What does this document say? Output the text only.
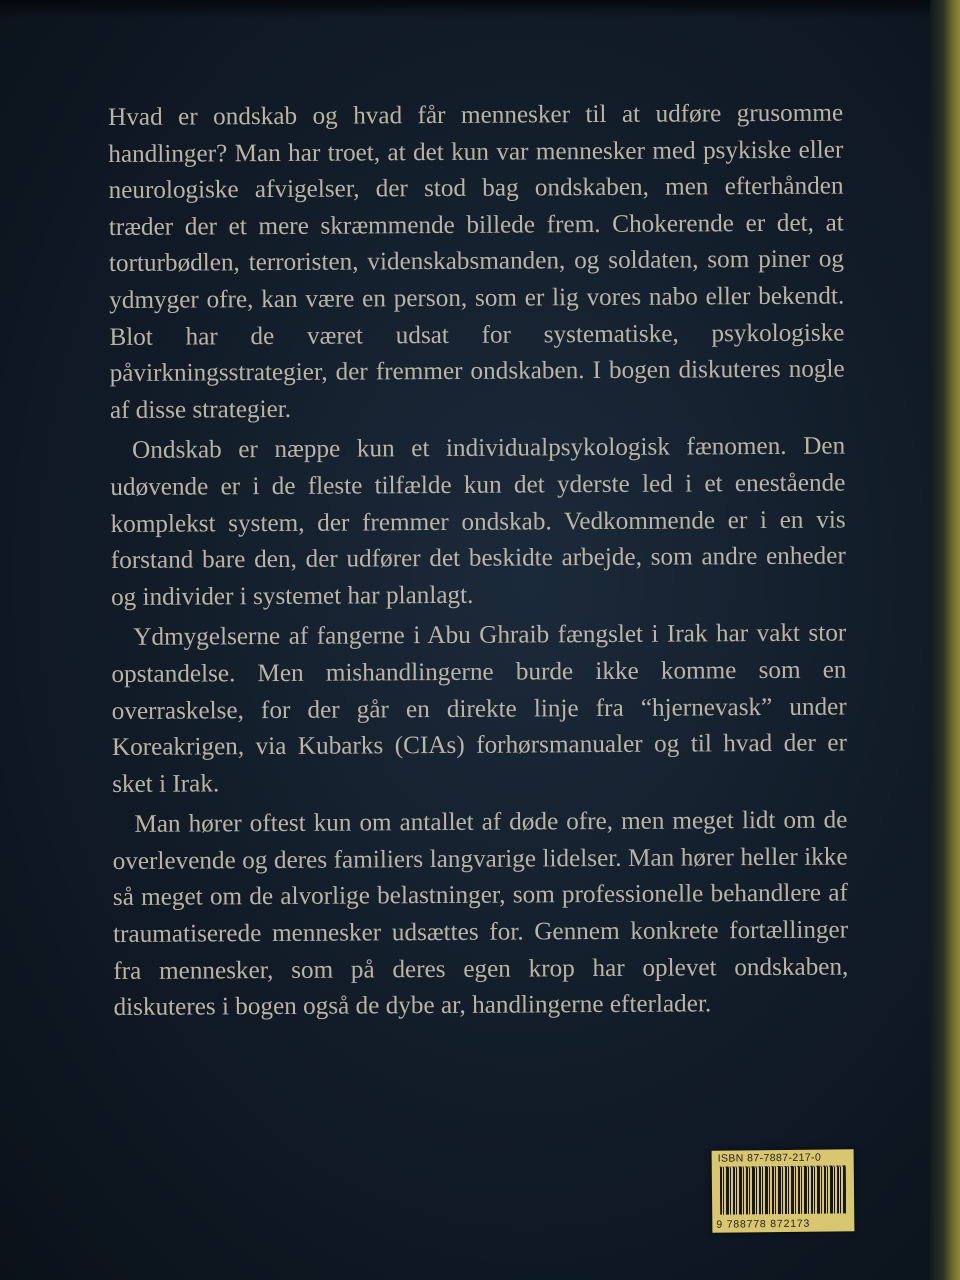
Hvad er ondskab og hvad får mennesker til at udføre grusomme handlinger? Man har troet, at det kun var mennesker med psykiske eller neurologiske afvigelser, der stod bag ondskaben, men efterhånden træder der et mere skræmmende billede frem. Chokerende er det, at torturbødlen, terroristen, videnskabsmanden, og soldaten, som piner og ydmyger ofre, kan være en person, som er lig vores nabo eller bekendt. Blot har de været udsat for systematiske, psykologiske påvirkningsstrategier, der fremmer ondskaben. I bogen diskuteres nogle af disse strategier.

Ondskab er næppe kun et individualpsykologisk fænomen. Den udøvende er i de fleste tilfælde kun det yderste led i et enestående komplekst system, der fremmer ondskab. Vedkommende er i en vis forstand bare den, der udfører det beskidte arbejde, som andre enheder og individer i systemet har planlagt.

Ydmygelserne af fangerne i Abu Ghraib fængslet i Irak har vakt stor opstandelse. Men mishandlingerne burde ikke komme som en overraskelse, for der går en direkte linje fra “hjernevask” under Koreakrigen, via Kubarks (CIAs) forhørsmanualer og til hvad der er sket i Irak.

Man hører oftest kun om antallet af døde ofre, men meget lidt om de overlevende og deres familiers langvarige lidelser. Man hører heller ikke så meget om de alvorlige belastninger, som professionelle behandlere af traumatiserede mennesker udsættes for. Gennem konkrete fortællinger fra mennesker, som på deres egen krop har oplevet ondskaben, diskuteres i bogen også de dybe ar, handlingerne efterlader.

ISBN 87-7887-217-0
9 788778 872173
